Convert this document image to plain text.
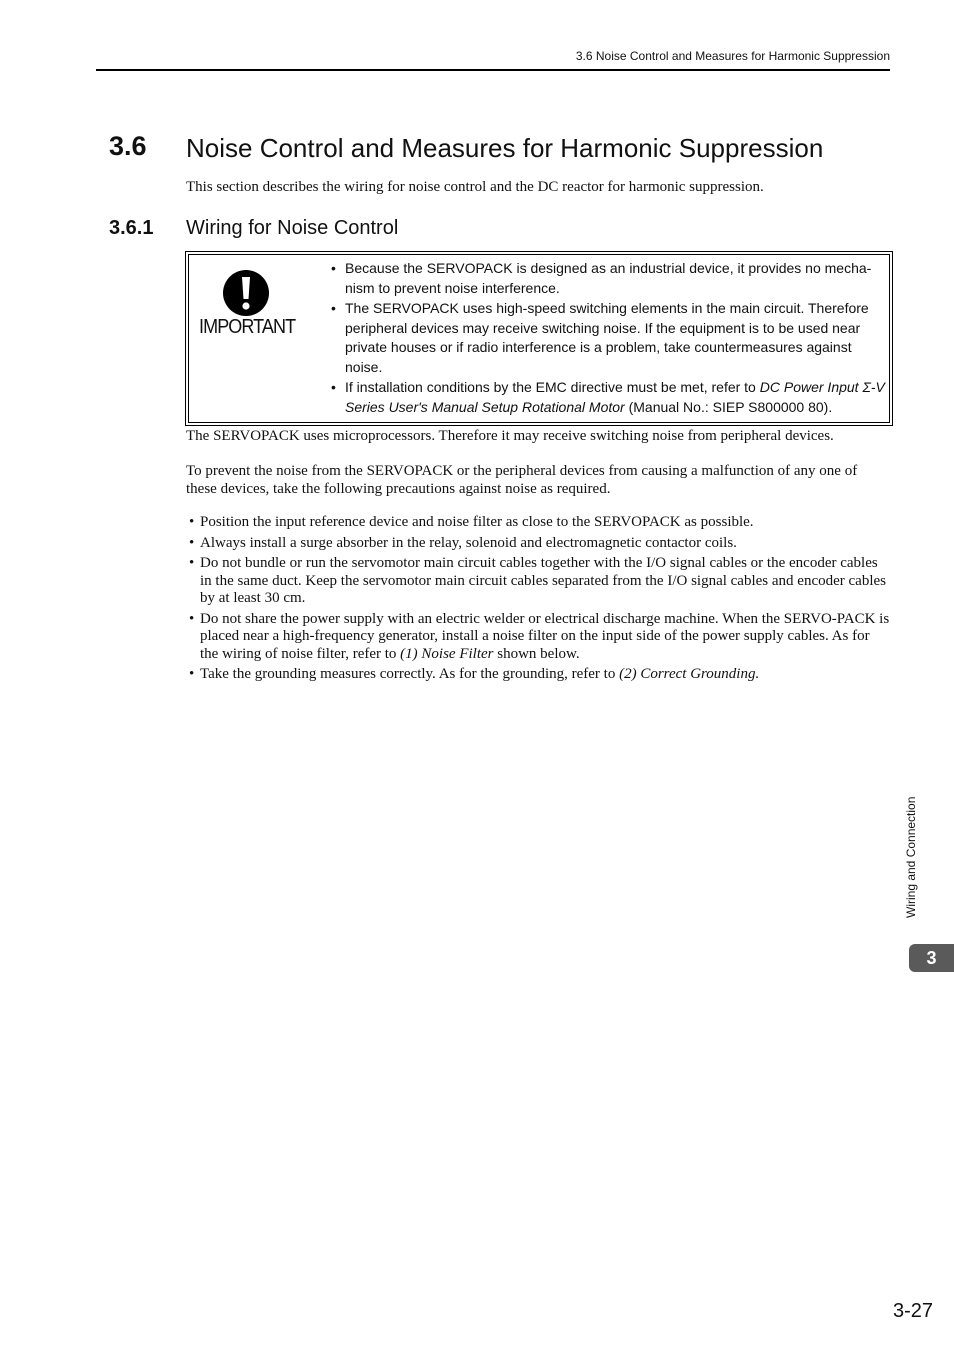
3.6 Noise Control and Measures for Harmonic Suppression
3.6 Noise Control and Measures for Harmonic Suppression
This section describes the wiring for noise control and the DC reactor for harmonic suppression.
3.6.1 Wiring for Noise Control
IMPORTANT
• Because the SERVOPACK is designed as an industrial device, it provides no mecha-nism to prevent noise interference.
• The SERVOPACK uses high-speed switching elements in the main circuit. Therefore peripheral devices may receive switching noise. If the equipment is to be used near private houses or if radio interference is a problem, take countermeasures against noise.
• If installation conditions by the EMC directive must be met, refer to DC Power Input Σ-V Series User's Manual Setup Rotational Motor (Manual No.: SIEP S800000 80).
The SERVOPACK uses microprocessors. Therefore it may receive switching noise from peripheral devices.
To prevent the noise from the SERVOPACK or the peripheral devices from causing a malfunction of any one of these devices, take the following precautions against noise as required.
• Position the input reference device and noise filter as close to the SERVOPACK as possible.
• Always install a surge absorber in the relay, solenoid and electromagnetic contactor coils.
• Do not bundle or run the servomotor main circuit cables together with the I/O signal cables or the encoder cables in the same duct. Keep the servomotor main circuit cables separated from the I/O signal cables and encoder cables by at least 30 cm.
• Do not share the power supply with an electric welder or electrical discharge machine. When the SERVO-PACK is placed near a high-frequency generator, install a noise filter on the input side of the power supply cables. As for the wiring of noise filter, refer to (1) Noise Filter shown below.
• Take the grounding measures correctly. As for the grounding, refer to (2) Correct Grounding.
Wiring and Connection
3
3-27
